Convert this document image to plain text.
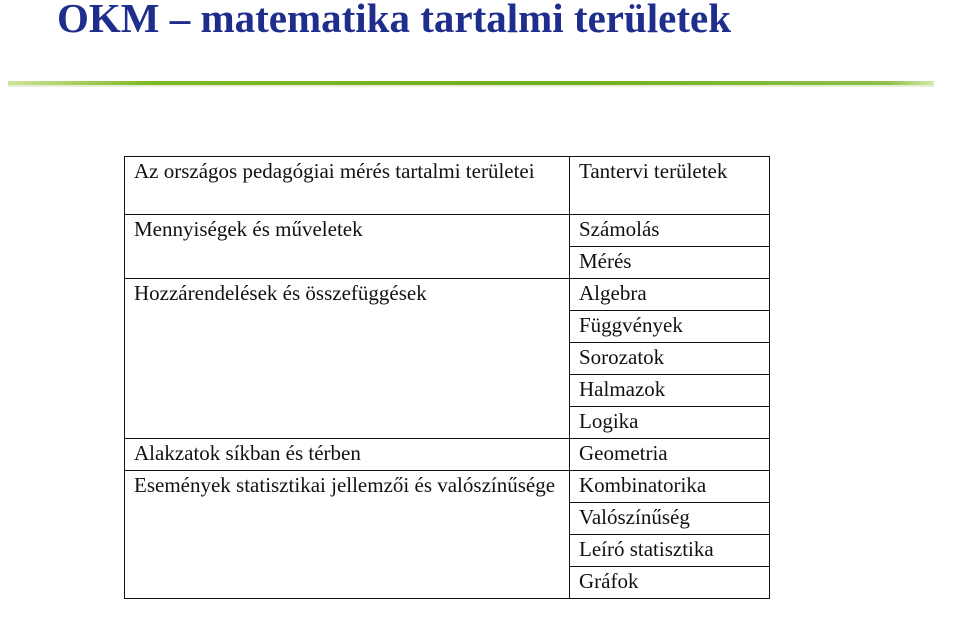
OKM – matematika tartalmi területek
Az országos pedagógiai mérés tartalmi területei	Tantervi területek
Mennyiségek és műveletek	Számolás
	Mérés
Hozzárendelések és összefüggések	Algebra
	Függvények
	Sorozatok
	Halmazok
	Logika
Alakzatok síkban és térben	Geometria
Események statisztikai jellemzői és valószínűsége	Kombinatorika
	Valószínűség
	Leíró statisztika
	Gráfok
